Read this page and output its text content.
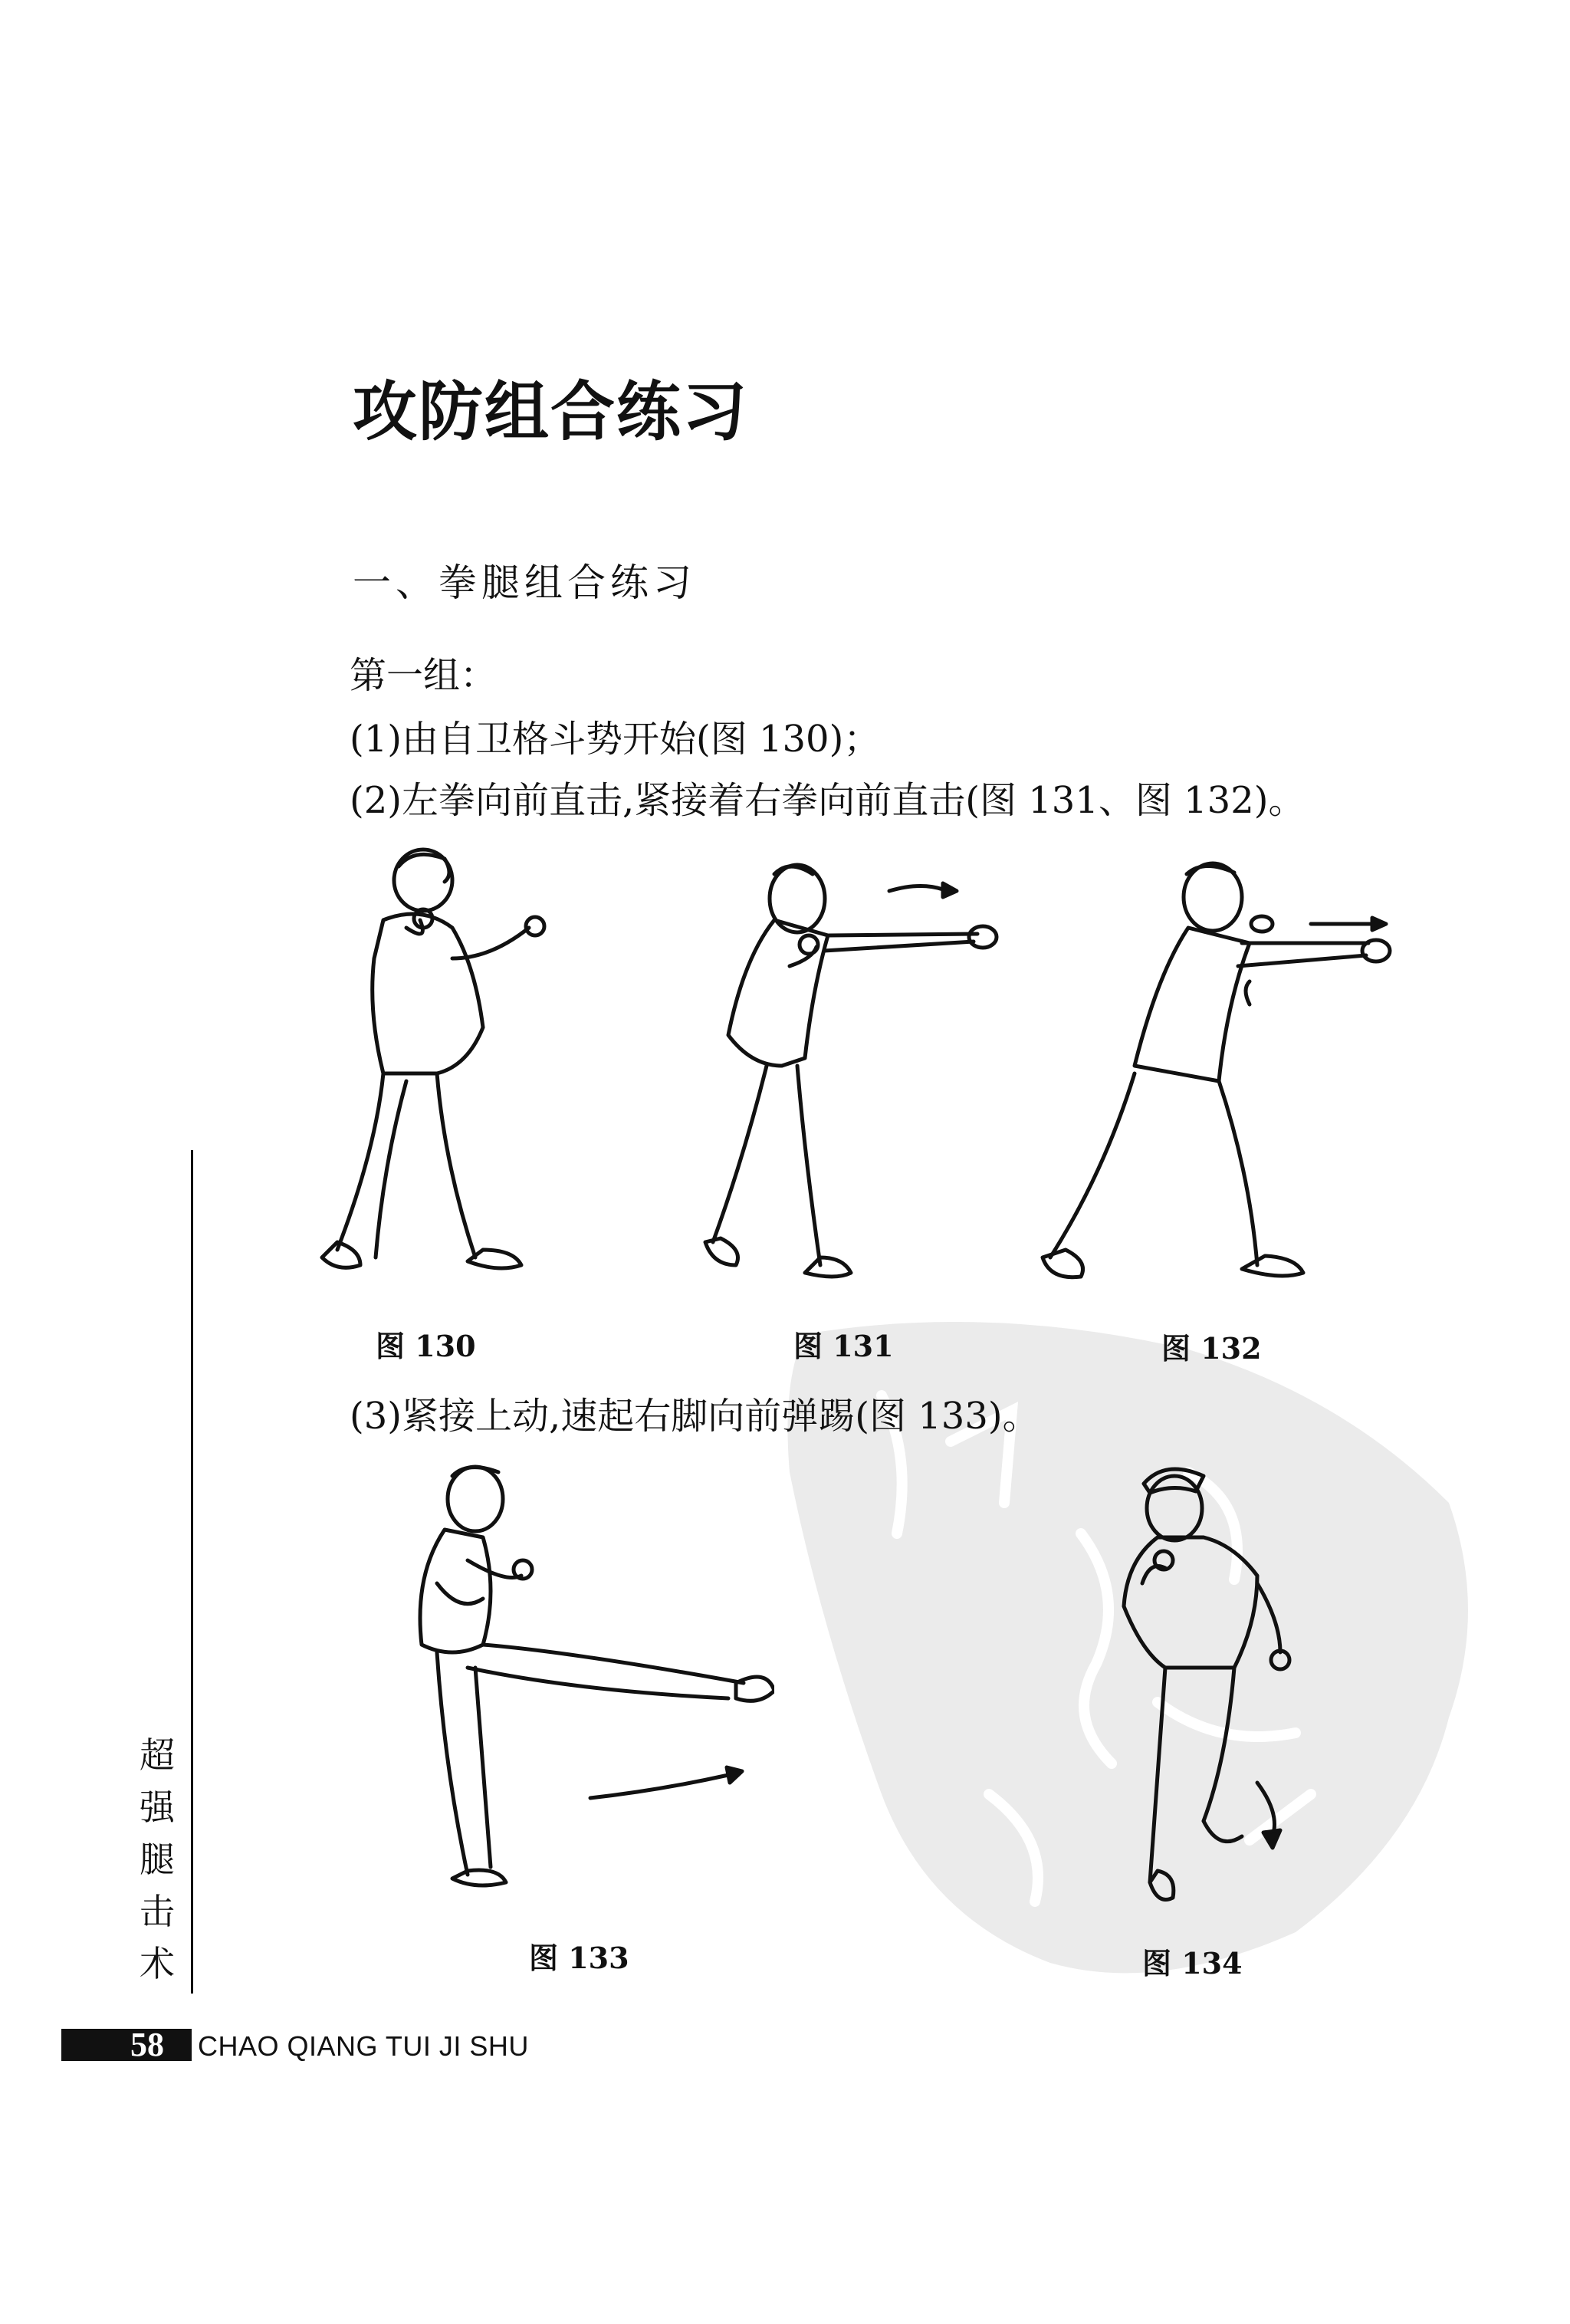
攻防组合练习
一、拳腿组合练习
第一组：
(1)由自卫格斗势开始(图 130)；
(2)左拳向前直击,紧接着右拳向前直击(图 131、图 132)。
图 130	图 131	图 132
(3)紧接上动,速起右脚向前弹踢(图 133)。
图 133	图 134
超
强
腿
击
术
58 CHAO QIANG TUI JI SHU
